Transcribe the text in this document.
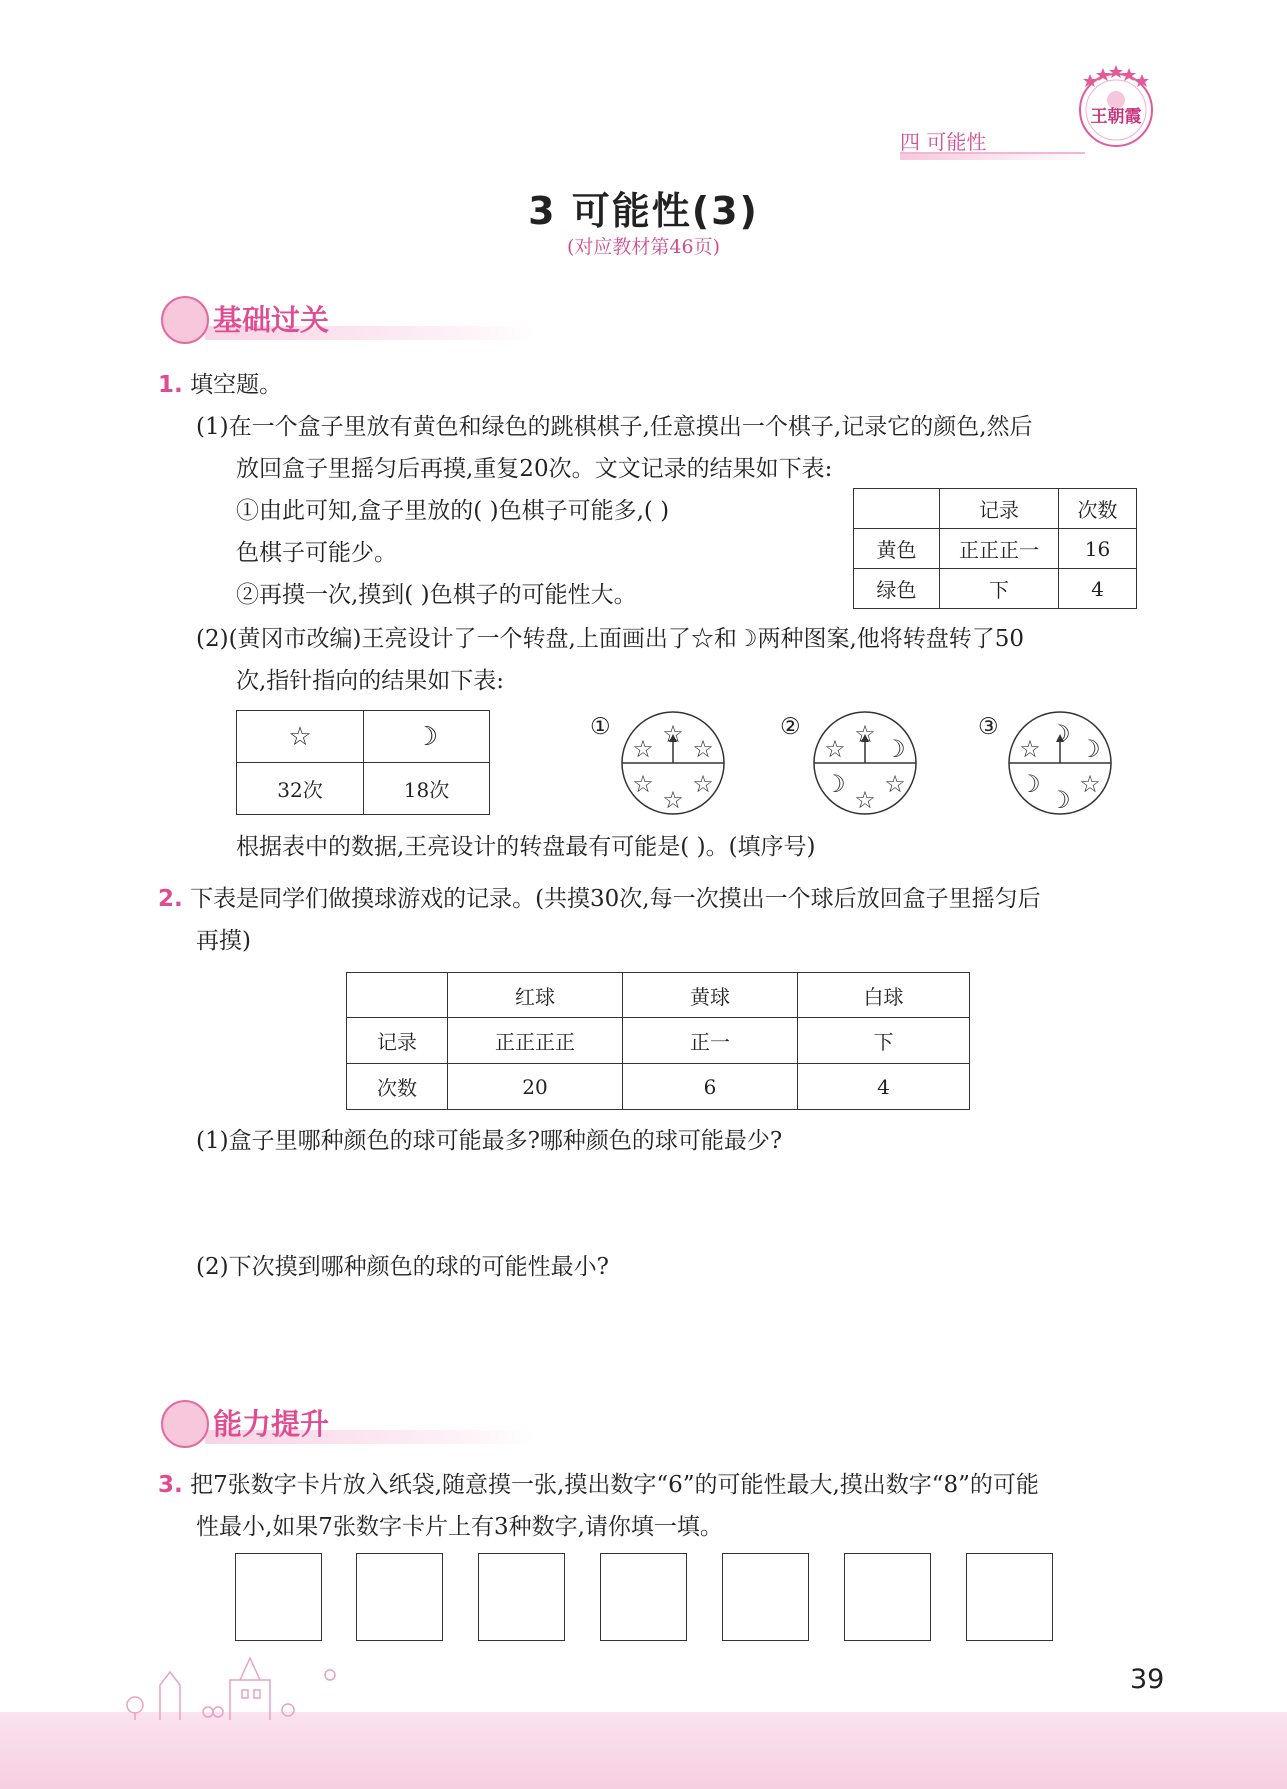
四 可能性
王朝霞
3 可能性(3)
(对应教材第46页)
基础过关
1. 填空题。
(1)在一个盒子里放有黄色和绿色的跳棋棋子,任意摸出一个棋子,记录它的颜色,然后
放回盒子里摇匀后再摸,重复20次。文文记录的结果如下表:
①由此可知,盒子里放的( )色棋子可能多,( )
色棋子可能少。
②再摸一次,摸到( )色棋子的可能性大。
	记录	次数
黄色	正正正一	16
绿色	下	4
(2)(黄冈市改编)王亮设计了一个转盘,上面画出了☆和☽两种图案,他将转盘转了50
次,指针指向的结果如下表:
☆	☽
32次	18次
①	②	③
☆
☆
☆
☆
☆
☆
☆
☆
☽
☽
☆
☆
☆
☽
☽
☽
☽
☆
根据表中的数据,王亮设计的转盘最有可能是( )。(填序号)
2. 下表是同学们做摸球游戏的记录。(共摸30次,每一次摸出一个球后放回盒子里摇匀后
再摸)
	红球	黄球	白球
记录	正正正正	正一	下
次数	20	6	4
(1)盒子里哪种颜色的球可能最多?哪种颜色的球可能最少?
(2)下次摸到哪种颜色的球的可能性最小?
能力提升
3. 把7张数字卡片放入纸袋,随意摸一张,摸出数字“6”的可能性最大,摸出数字“8”的可能
性最小,如果7张数字卡片上有3种数字,请你填一填。
39
